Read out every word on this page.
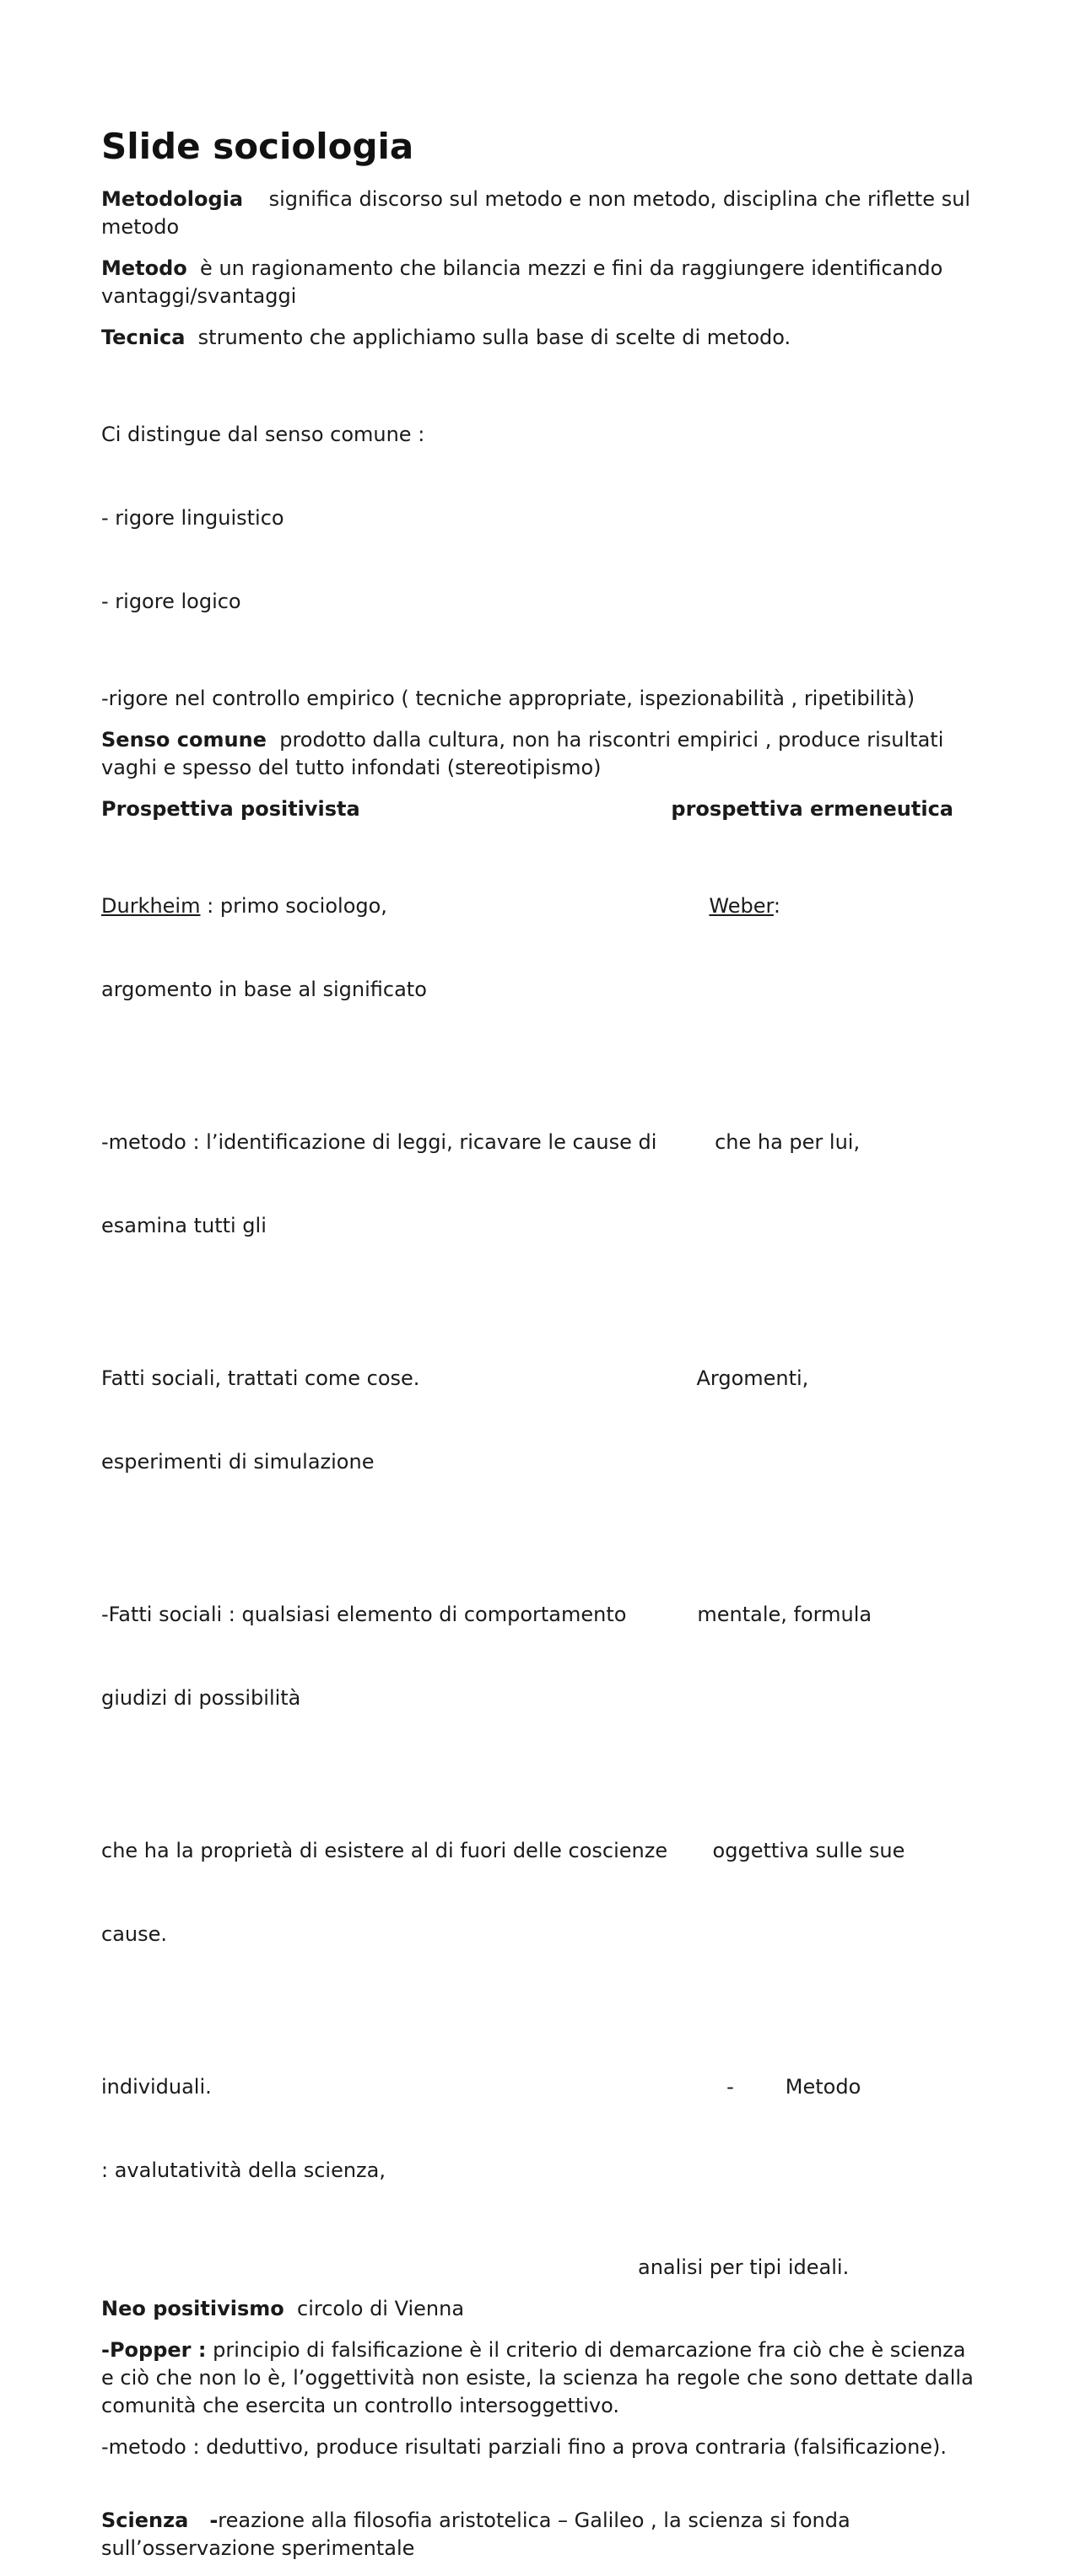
Slide sociologia

Metodologia    significa discorso sul metodo e non metodo, disciplina che riflette sul metodo

Metodo  è un ragionamento che bilancia mezzi e fini da raggiungere identificando vantaggi/svantaggi

Tecnica  strumento che applichiamo sulla base di scelte di metodo.

Ci distingue dal senso comune :

- rigore linguistico

- rigore logico

-rigore nel controllo empirico ( tecniche appropriate, ispezionabilità , ripetibilità)

Senso comune  prodotto dalla cultura, non ha riscontri empirici , produce risultati vaghi e spesso del tutto infondati (stereotipismo)

Prospettiva positivista	prospettiva ermeneutica

Durkheim : primo sociologo,                                                  Weber:

argomento in base al significato

-metodo : l’identificazione di leggi, ricavare le cause di         che ha per lui,

esamina tutti gli

Fatti sociali, trattati come cose.                                           Argomenti,

esperimenti di simulazione

-Fatti sociali : qualsiasi elemento di comportamento           mentale, formula

giudizi di possibilità

che ha la proprietà di esistere al di fuori delle coscienze       oggettiva sulle sue

cause.

individuali.                                                                                -        Metodo

: avalutatività della scienza,

analisi per tipi ideali.

Neo positivismo  circolo di Vienna

-Popper : principio di falsificazione è il criterio di demarcazione fra ciò che è scienza e ciò che non lo è, l’oggettività non esiste, la scienza ha regole che sono dettate dalla comunità che esercita un controllo intersoggettivo.

-metodo : deduttivo, produce risultati parziali fino a prova contraria (falsificazione).

Scienza   -reazione alla filosofia aristotelica – Galileo , la scienza si fonda sull’osservazione sperimentale
